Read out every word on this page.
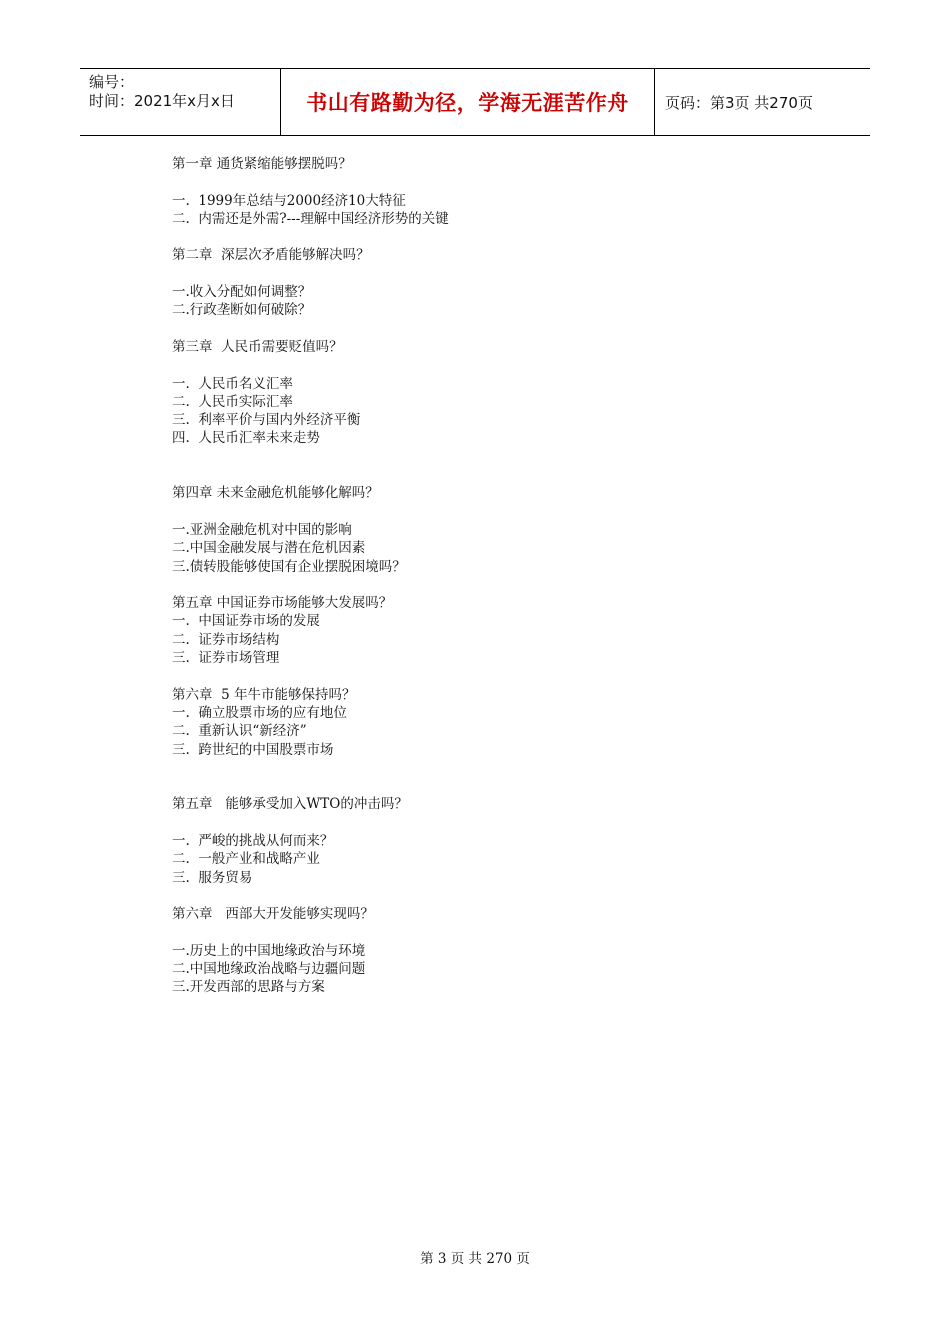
编号：
时间：2021年x月x日	书山有路勤为径，学海无涯苦作舟	页码：第3页 共270页
第一章 通货紧缩能够摆脱吗？
一.  1999年总结与2000经济10大特征
二.  内需还是外需?---理解中国经济形势的关键
第二章  深层次矛盾能够解决吗？
一.收入分配如何调整？
二.行政垄断如何破除？
第三章  人民币需要贬值吗？
一.  人民币名义汇率
二.  人民币实际汇率
三.  利率平价与国内外经济平衡
四.  人民币汇率未来走势
第四章 未来金融危机能够化解吗？
一.亚洲金融危机对中国的影响
二.中国金融发展与潜在危机因素
三.债转股能够使国有企业摆脱困境吗？
第五章 中国证券市场能够大发展吗？
一.  中国证券市场的发展
二.  证券市场结构
三.  证券市场管理
第六章  5 年牛市能够保持吗？
一.  确立股票市场的应有地位
二.  重新认识“新经济”
三.  跨世纪的中国股票市场
第五章   能够承受加入WTO的冲击吗？
一.  严峻的挑战从何而来？
二.  一般产业和战略产业
三.  服务贸易
第六章   西部大开发能够实现吗？
一.历史上的中国地缘政治与环境
二.中国地缘政治战略与边疆问题
三.开发西部的思路与方案
第 3 页 共 270 页
